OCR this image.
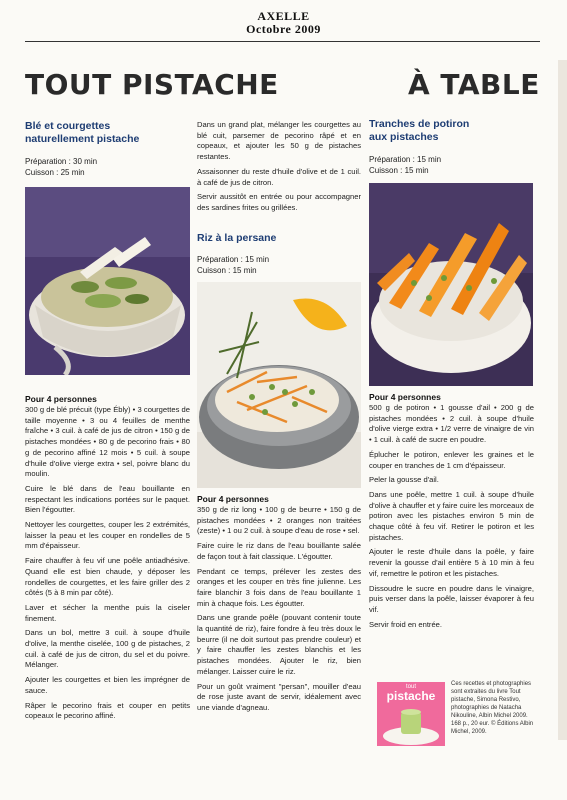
AXELLE
Octobre 2009
TOUT PISTACHE	À TABLE
Blé et courgettes
naturellement pistache
Préparation : 30 min
Cuisson : 25 min
Pour 4 personnes

300 g de blé précuit (type Ébly) • 3 courgettes de taille moyenne • 3 ou 4 feuilles de menthe fraîche • 3 cuil. à café de jus de citron • 150 g de pistaches mondées • 80 g de pecorino frais • 80 g de pecorino affiné 12 mois • 5 cuil. à soupe d'huile d'olive vierge extra • sel, poivre blanc du moulin.

Cuire le blé dans de l'eau bouillante en respectant les indications portées sur le paquet. Bien l'égoutter.

Nettoyer les courgettes, couper les 2 extrémités, laisser la peau et les couper en rondelles de 5 mm d'épaisseur.

Faire chauffer à feu vif une poêle antiadhésive. Quand elle est bien chaude, y déposer les rondelles de courgettes, et les faire griller des 2 côtés (5 à 8 min par côté).

Laver et sécher la menthe puis la ciseler finement.

Dans un bol, mettre 3 cuil. à soupe d'huile d'olive, la menthe ciselée, 100 g de pistaches, 2 cuil. à café de jus de citron, du sel et du poivre. Mélanger.

Ajouter les courgettes et bien les imprégner de sauce.

Râper le pecorino frais et couper en petits copeaux le pecorino affiné.

Dans un grand plat, mélanger les courgettes au blé cuit, parsemer de pecorino râpé et en copeaux, et ajouter les 50 g de pistaches restantes.

Assaisonner du reste d'huile d'olive et de 1 cuil. à café de jus de citron.

Servir aussitôt en entrée ou pour accompagner des sardines frites ou grillées.

Riz à la persane
Préparation : 15 min
Cuisson : 15 min
Pour 4 personnes

350 g de riz long • 100 g de beurre • 150 g de pistaches mondées • 2 oranges non traitées (zeste) • 1 ou 2 cuil. à soupe d'eau de rose • sel.

Faire cuire le riz dans de l'eau bouillante salée de façon tout à fait classique. L'égoutter.

Pendant ce temps, prélever les zestes des oranges et les couper en très fine julienne. Les faire blanchir 3 fois dans de l'eau bouillante 1 min à chaque fois. Les égoutter.

Dans une grande poêle (pouvant contenir toute la quantité de riz), faire fondre à feu très doux le beurre (il ne doit surtout pas prendre couleur) et y faire chauffer les zestes blanchis et les pistaches mondées. Ajouter le riz, bien mélanger. Laisser cuire le riz.

Pour un goût vraiment "persan", mouiller d'eau de rose juste avant de servir, idéalement avec une viande d'agneau.

Tranches de potiron
aux pistaches
Préparation : 15 min
Cuisson : 15 min
Pour 4 personnes

500 g de potiron • 1 gousse d'ail • 200 g de pistaches mondées • 2 cuil. à soupe d'huile d'olive vierge extra • 1/2 verre de vinaigre de vin • 1 cuil. à café de sucre en poudre.

Éplucher le potiron, enlever les graines et le couper en tranches de 1 cm d'épaisseur.

Peler la gousse d'ail.

Dans une poêle, mettre 1 cuil. à soupe d'huile d'olive à chauffer et y faire cuire les morceaux de potiron avec les pistaches environ 5 min de chaque côté à feu vif. Retirer le potiron et les pistaches.

Ajouter le reste d'huile dans la poêle, y faire revenir la gousse d'ail entière 5 à 10 min à feu vif, remettre le potiron et les pistaches.

Dissoudre le sucre en poudre dans le vinaigre, puis verser dans la poêle, laisser évaporer à feu vif.

Servir froid en entrée.

tout
pistache
Ces recettes et photographies sont extraites du livre Tout pistache, Simona Restivo, photographies de Natacha Nikouline, Albin Michel 2009. 168 p., 20 eur. © Éditions Albin Michel, 2009.
